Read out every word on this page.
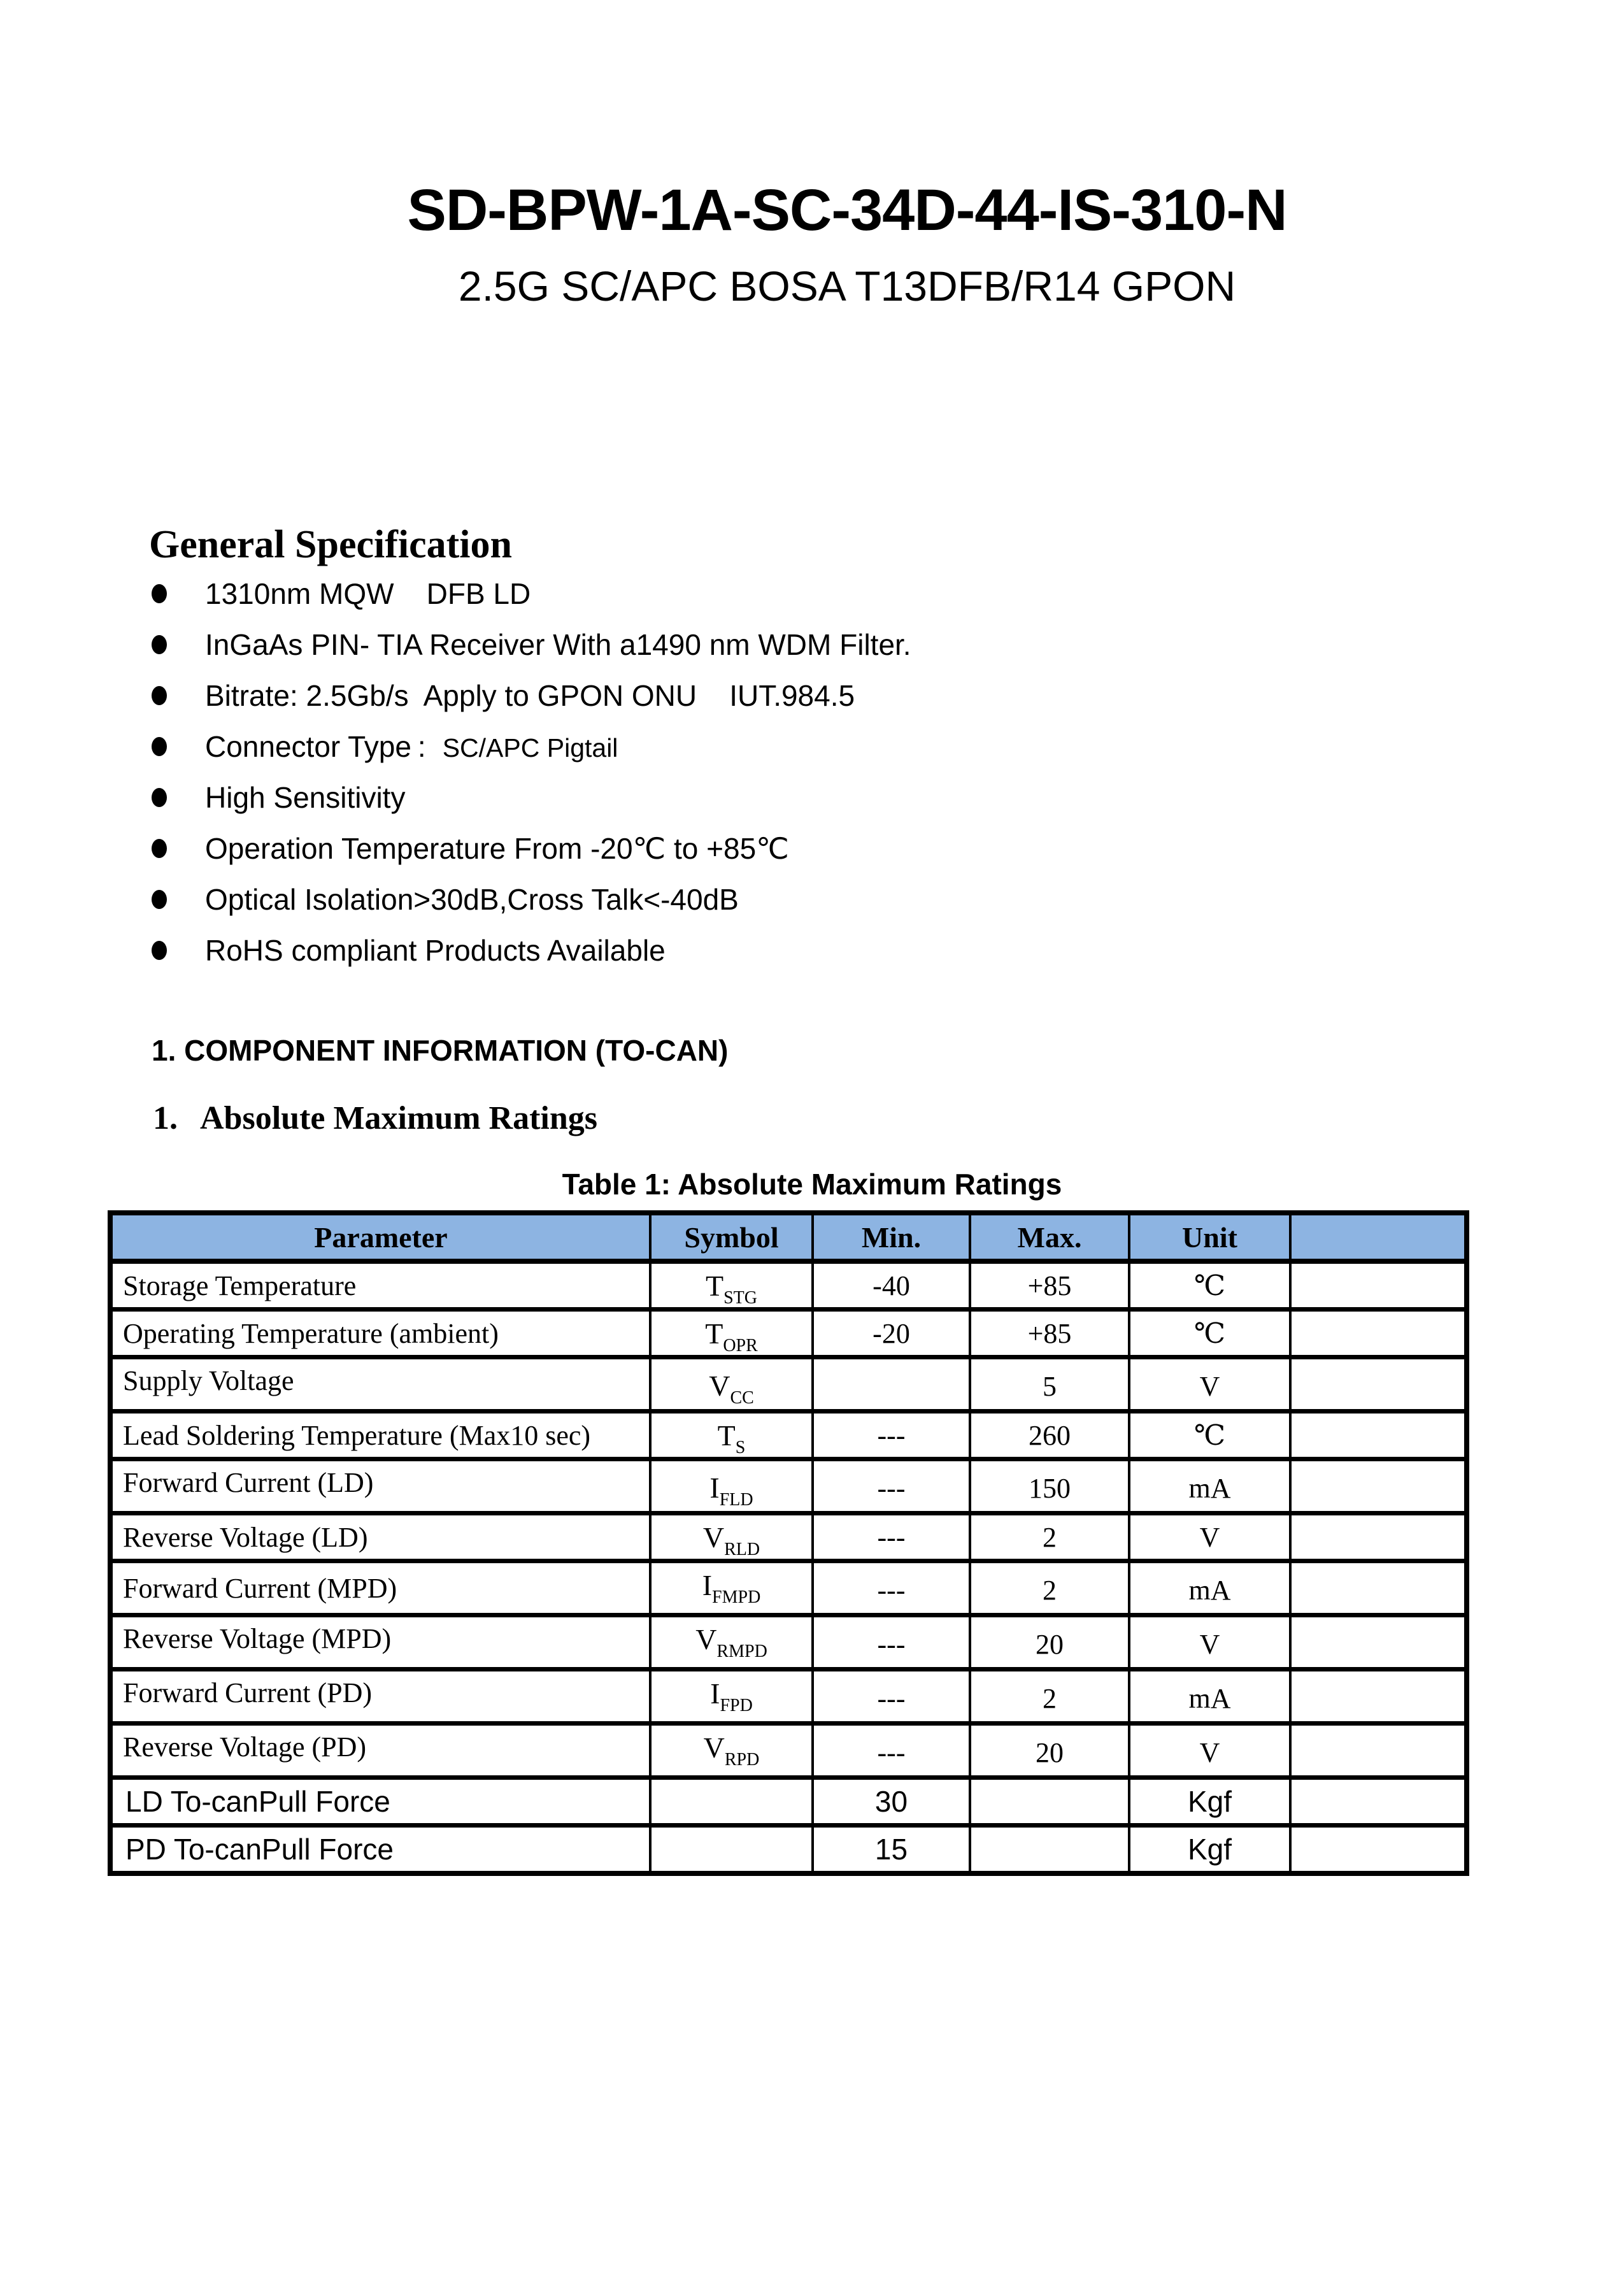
SD-BPW-1A-SC-34D-44-IS-310-N
2.5G SC/APC BOSA T13DFB/R14 GPON
General Specification
1310nm MQW    DFB LD
InGaAs PIN- TIA Receiver With a1490 nm WDM Filter.
Bitrate: 2.5Gb/s  Apply to GPON ONU    IUT.984.5
Connector Type : SC/APC Pigtail
High Sensitivity
Operation Temperature From -20℃ to +85℃
Optical Isolation>30dB,Cross Talk<-40dB
RoHS compliant Products Available
1. COMPONENT INFORMATION (TO-CAN)
1. Absolute Maximum Ratings
Table 1: Absolute Maximum Ratings
Parameter	Symbol	Min.	Max.	Unit	
Storage Temperature	$T_{STG}$	-40	+85	℃	
Operating Temperature (ambient)	$T_{OPR}$	-20	+85	℃	
Supply Voltage	$V_{CC}$		5	V	
Lead Soldering Temperature (Max10 sec)	$T_S$	---	260	℃	
Forward Current (LD)	$I_{FLD}$	---	150	mA	
Reverse Voltage (LD)	$V_{RLD}$	---	2	V	
Forward Current (MPD)	$I_{FMPD}$	---	2	mA	
Reverse Voltage (MPD)	$V_{RMPD}$	---	20	V	
Forward Current (PD)	$I_{FPD}$	---	2	mA	
Reverse Voltage (PD)	$V_{RPD}$	---	20	V	
LD To-canPull Force		30		Kgf	
PD To-canPull Force		15		Kgf	
